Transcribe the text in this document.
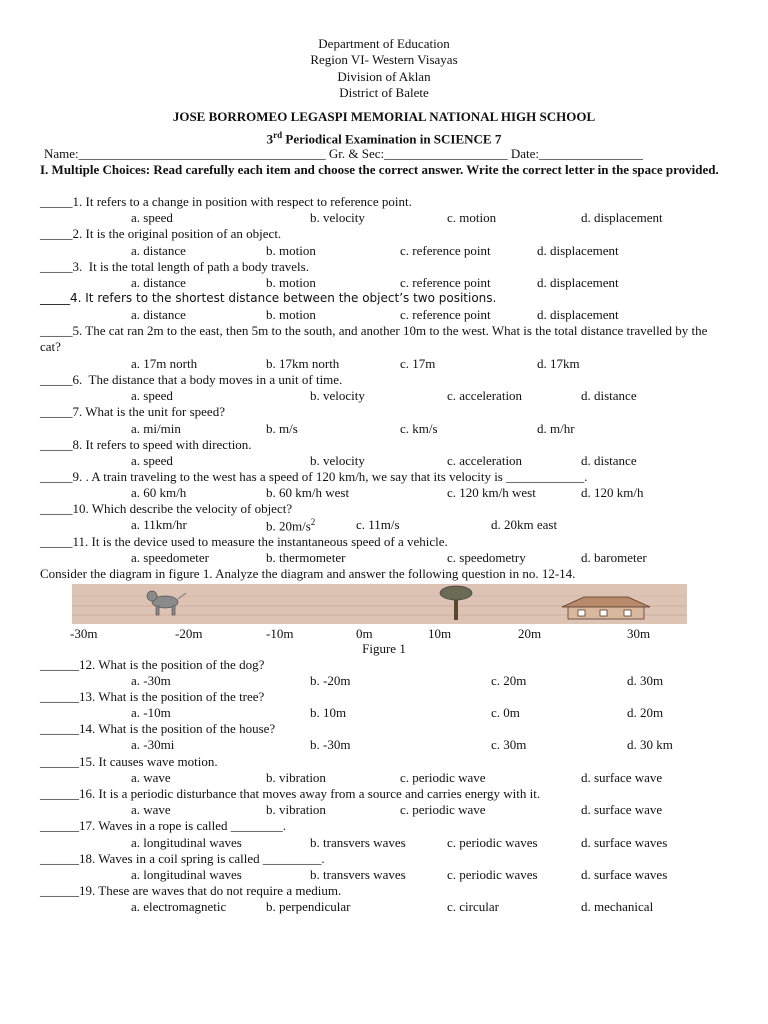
Department of Education
Region VI- Western Visayas
Division of Aklan
District of Balete
JOSE BORROMEO LEGASPI MEMORIAL NATIONAL HIGH SCHOOL
3rd Periodical Examination in SCIENCE 7
Name:______________________________________ Gr. & Sec:___________________ Date:________________
I. Multiple Choices: Read carefully each item and choose the correct answer. Write the correct letter in the space provided.
_____1. It refers to a change in position with respect to reference point.
a. speed	b. velocity	c. motion	d. displacement
_____2. It is the original position of an object.
a. distance	b. motion	c. reference point	d. displacement
_____3.  It is the total length of path a body travels.
a. distance	b. motion	c. reference point	d. displacement
_____4. It refers to the shortest distance between the object’s two positions.
a. distance	b. motion	c. reference point	d. displacement
_____5. The cat ran 2m to the east, then 5m to the south, and another 10m to the west. What is the total distance travelled by the cat?
a. 17m north	b. 17km north	c. 17m	d. 17km
_____6.  The distance that a body moves in a unit of time.
a. speed	b. velocity	c. acceleration	d. distance
_____7. What is the unit for speed?
a. mi/min	b. m/s	c. km/s	d. m/hr
_____8. It refers to speed with direction.
a. speed	b. velocity	c. acceleration	d. distance
_____9. . A train traveling to the west has a speed of 120 km/h, we say that its velocity is ____________.
a. 60 km/h	b. 60 km/h west	c. 120 km/h west	d. 120 km/h
_____10. Which describe the velocity of object?
a. 11km/hr	b. $20m/s^2$	c. 11m/s	d. 20km east
_____11. It is the device used to measure the instantaneous speed of a vehicle.
a. speedometer	b. thermometer	c. speedometry	d. barometer
Consider the diagram in figure 1. Analyze the diagram and answer the following question in no. 12-14.
-30m	-20m	-10m	0m	10m	20m	30m
Figure 1
______12. What is the position of the dog?
a. -30m	b. -20m	c. 20m	d. 30m
______13. What is the position of the tree?
a. -10m	b. 10m	c. 0m	d. 20m
______14. What is the position of the house?
a. -30mi	b. -30m	c. 30m	d. 30 km
______15. It causes wave motion.
a. wave	b. vibration	c. periodic wave	d. surface wave
______16. It is a periodic disturbance that moves away from a source and carries energy with it.
a. wave	b. vibration	c. periodic wave	d. surface wave
______17. Waves in a rope is called ________.
a. longitudinal waves	b. transvers waves	c. periodic waves	d. surface waves
______18. Waves in a coil spring is called _________.
a. longitudinal waves	b. transvers waves	c. periodic waves	d. surface waves
______19. These are waves that do not require a medium.
a. electromagnetic	b. perpendicular	c. circular	d. mechanical
